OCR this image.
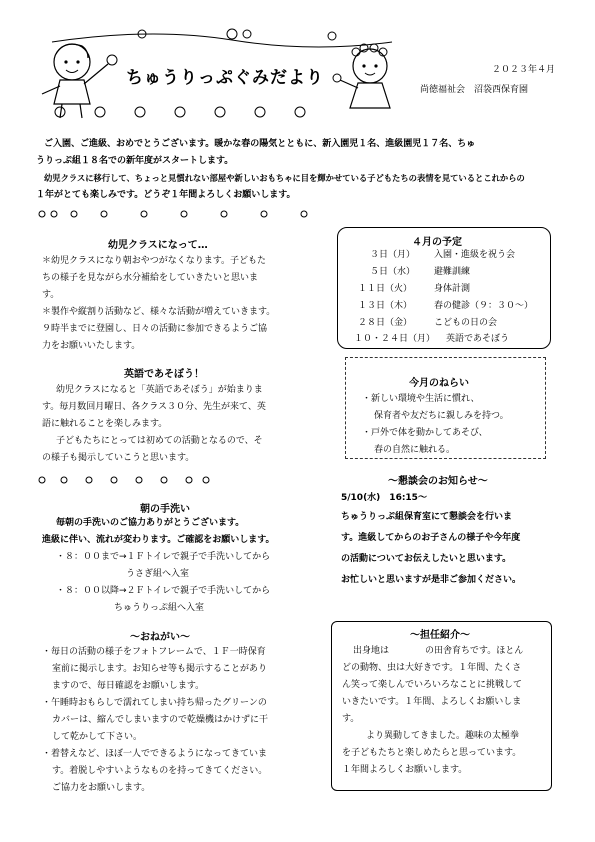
ちゅうりっぷぐみだより	２０２３年４月
尚徳福祉会　沼袋西保育園
ご入園、ご進級、おめでとうございます。暖かな春の陽気とともに、新入園児１名、進級園児１７名、ちゅ
うりっぷ組１８名での新年度がスタートします。
幼児クラスに移行して、ちょっと見慣れない部屋や新しいおもちゃに目を輝かせている子どもたちの表情を見ているとこれからの
１年がとても楽しみです。どうぞ１年間よろしくお願いします。
幼児クラスになって…
＊幼児クラスになり朝おやつがなくなります。子どもた
ちの様子を見ながら水分補給をしていきたいと思いま
す。
＊製作や縦割り活動など、様々な活動が増えていきます。
９時半までに登園し、日々の活動に参加できるようご協
力をお願いいたします。
英語であそぼう！
幼児クラスになると「英語であそぼう」が始まりま
す。毎月数回月曜日、各クラス３０分、先生が来て、英
語に触れることを楽しみます。
子どもたちにとっては初めての活動となるので、そ
の様子も掲示していこうと思います。
朝の手洗い
毎朝の手洗いのご協力ありがとうございます。
進級に伴い、流れが変わります。ご確認をお願いします。
・８：００まで→１Ｆトイレで親子で手洗いしてから
うさぎ組へ入室
・８：００以降→２Ｆトイレで親子で手洗いしてから
ちゅうりっぷ組へ入室
～おねがい～
・毎日の活動の様子をフォトフレームで、１Ｆ一時保育
室前に掲示します。お知らせ等も掲示することがあり
ますので、毎日確認をお願いします。
・午睡時おもらしで濡れてしまい持ち帰ったグリーンの
カバーは、縮んでしまいますので乾燥機はかけずに干
して乾かして下さい。
・着替えなど、ほぼ一人でできるようになってきていま
す。着脱しやすいようなものを持ってきてください。
ご協力をお願いします。
４月の予定
３日（月） 入園・進級を祝う会
５日（水） 避難訓練
１１日（火） 身体計測
１３日（木） 春の健診（９：３０～）
２８日（金） こどもの日の会
１０・２４日（月） 英語であそぼう
今月のねらい
・新しい環境や生活に慣れ、
保育者や友だちに親しみを持つ。
・戸外で体を動かしてあそび、
春の自然に触れる。
～懇談会のお知らせ～
5/10(水)　16:15～
ちゅうりっぷ組保育室にて懇談会を行いま
す。進級してからのお子さんの様子や今年度
の活動についてお伝えしたいと思います。
お忙しいと思いますが是非ご参加ください。
～担任紹介～
出身地は　　　　の田舎育ちです。ほとん
どの動物、虫は大好きです。１年間、たくさ
ん笑って楽しんでいろいろなことに挑戦して
いきたいです。１年間、よろしくお願いしま
す。
より異動してきました。趣味の太極拳
を子どもたちと楽しめたらと思っています。
１年間よろしくお願いします。
